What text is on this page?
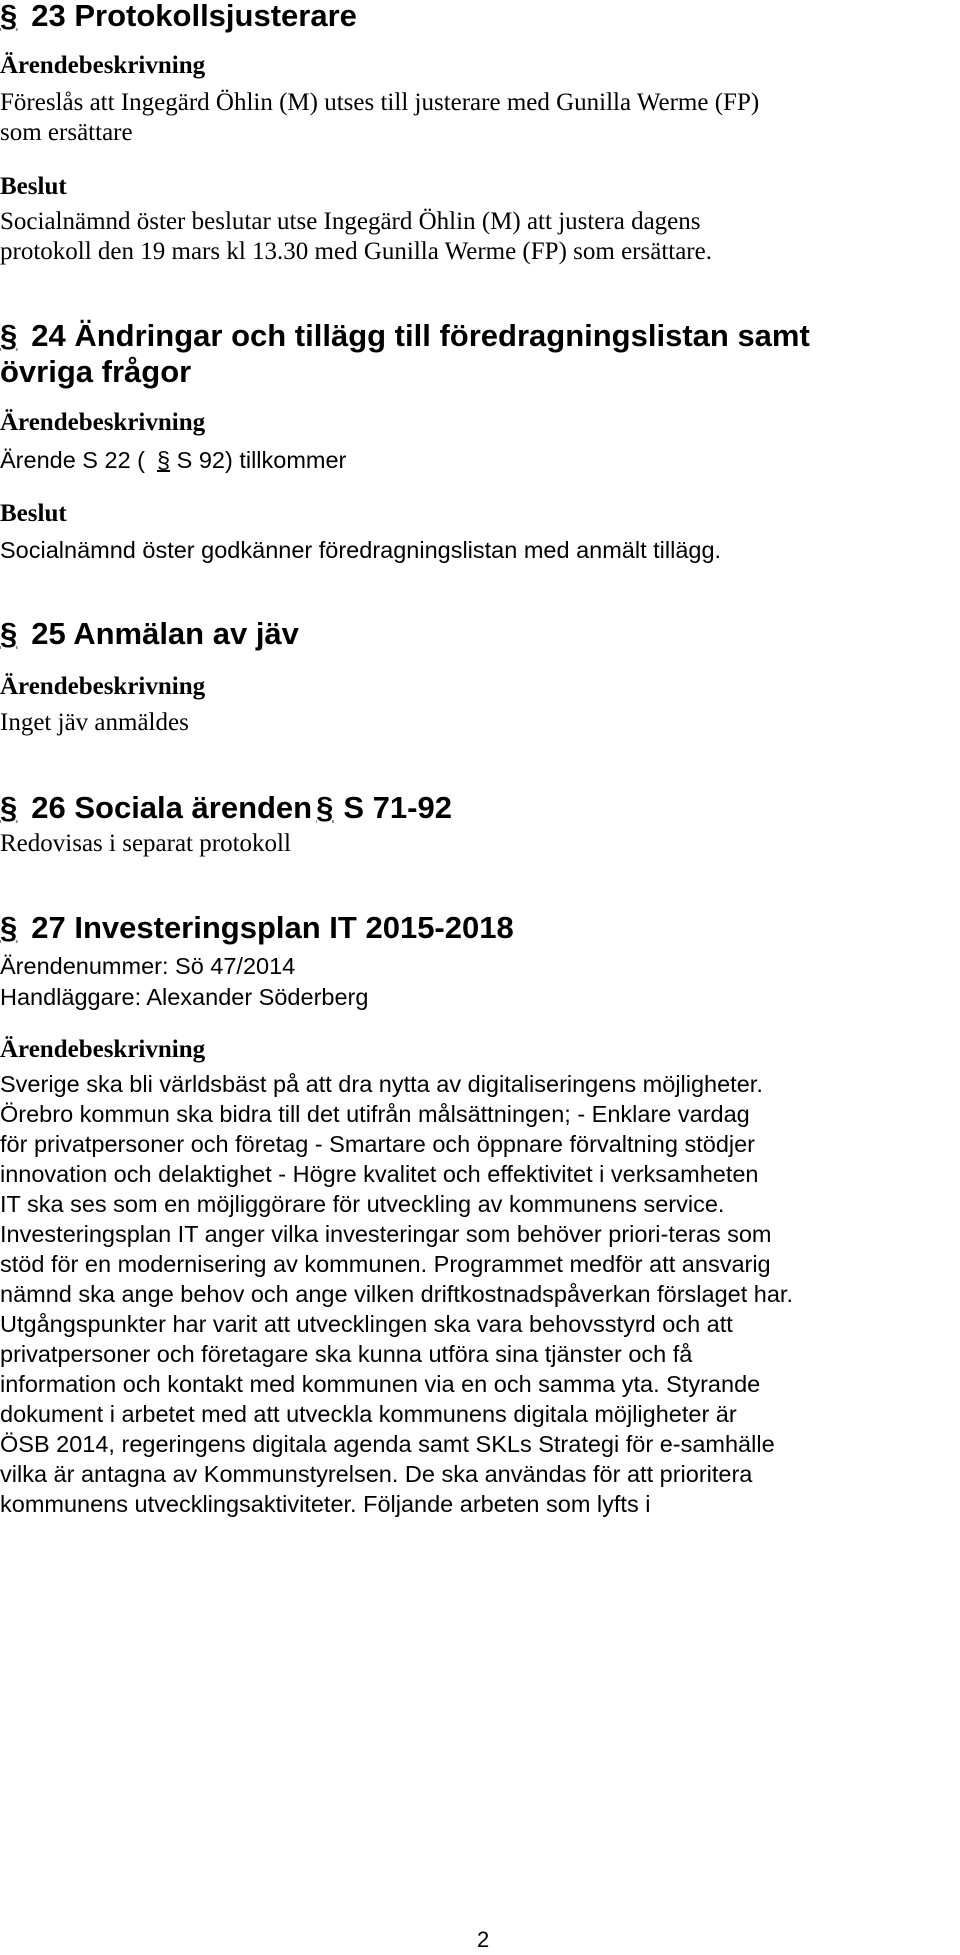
§ 23 Protokollsjusterare
Ärendebeskrivning
Föreslås att Ingegärd Öhlin (M) utses till justerare med Gunilla Werme (FP)
som ersättare
Beslut
Socialnämnd öster beslutar utse Ingegärd Öhlin (M) att justera dagens
protokoll den 19 mars kl 13.30 med Gunilla Werme (FP) som ersättare.
§ 24 Ändringar och tillägg till föredragningslistan samt
övriga frågor
Ärendebeskrivning
Ärende S 22 ( § S 92) tillkommer
Beslut
Socialnämnd öster godkänner föredragningslistan med anmält tillägg.
§ 25 Anmälan av jäv
Ärendebeskrivning
Inget jäv anmäldes
§ 26 Sociala ärenden § S 71-92
Redovisas i separat protokoll
§ 27 Investeringsplan IT 2015-2018
Ärendenummer: Sö 47/2014
Handläggare: Alexander Söderberg
Ärendebeskrivning
Sverige ska bli världsbäst på att dra nytta av digitaliseringens möjligheter.
Örebro kommun ska bidra till det utifrån målsättningen; - Enklare vardag
för privatpersoner och företag - Smartare och öppnare förvaltning stödjer
innovation och delaktighet - Högre kvalitet och effektivitet i verksamheten
IT ska ses som en möjliggörare för utveckling av kommunens service.
Investeringsplan IT anger vilka investeringar som behöver priori-teras som
stöd för en modernisering av kommunen. Programmet medför att ansvarig
nämnd ska ange behov och ange vilken driftkostnadspåverkan förslaget har.
Utgångspunkter har varit att utvecklingen ska vara behovsstyrd och att
privatpersoner och företagare ska kunna utföra sina tjänster och få
information och kontakt med kommunen via en och samma yta. Styrande
dokument i arbetet med att utveckla kommunens digitala möjligheter är
ÖSB 2014, regeringens digitala agenda samt SKLs Strategi för e-samhälle
vilka är antagna av Kommunstyrelsen. De ska användas för att prioritera
kommunens utvecklingsaktiviteter. Följande arbeten som lyfts i
2
